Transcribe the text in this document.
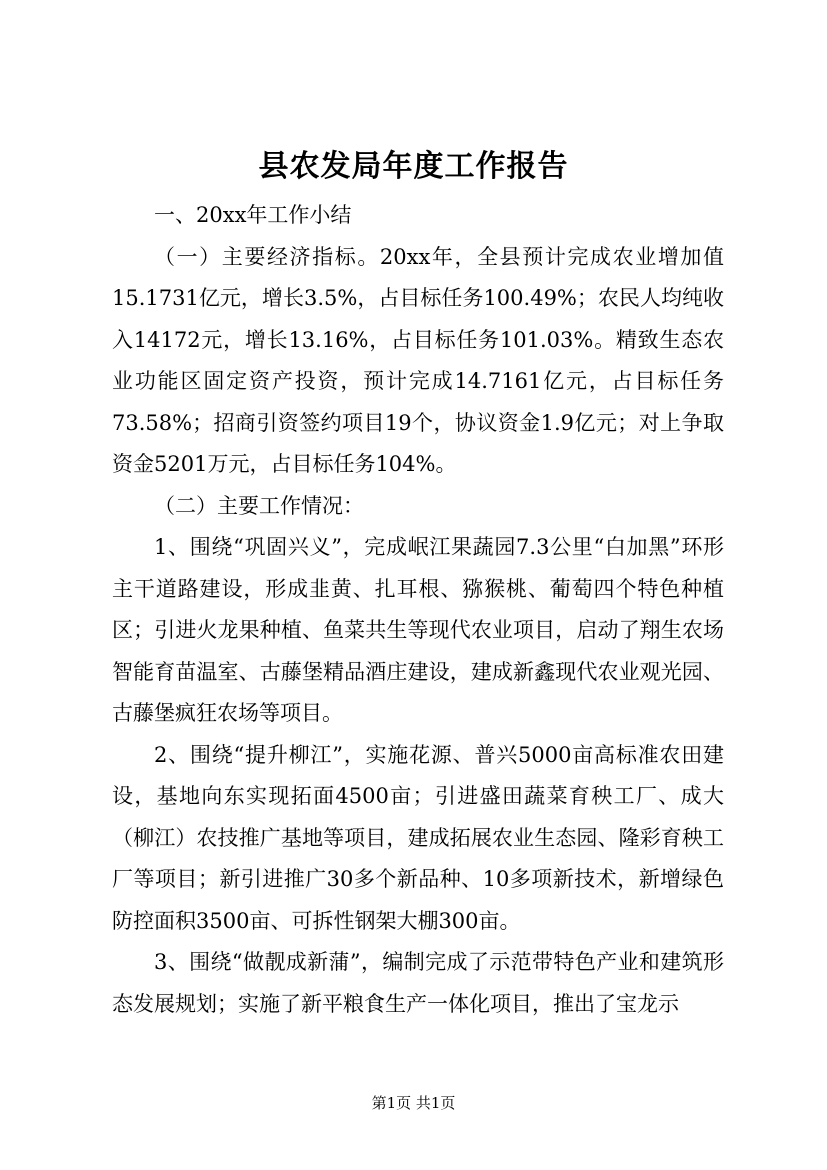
县农发局年度工作报告

一、20xx年工作小结

（一）主要经济指标。20xx年，全县预计完成农业增加值15.1731亿元，增长3.5%，占目标任务100.49%；农民人均纯收入14172元，增长13.16%，占目标任务101.03%。精致生态农业功能区固定资产投资，预计完成14.7161亿元，占目标任务73.58%；招商引资签约项目19个，协议资金1.9亿元；对上争取资金5201万元，占目标任务104%。

（二）主要工作情况：

1、围绕“巩固兴义”，完成岷江果蔬园7.3公里“白加黑”环形主干道路建设，形成韭黄、扎耳根、猕猴桃、葡萄四个特色种植区；引进火龙果种植、鱼菜共生等现代农业项目，启动了翔生农场智能育苗温室、古藤堡精品酒庄建设，建成新鑫现代农业观光园、古藤堡疯狂农场等项目。

2、围绕“提升柳江”，实施花源、普兴5000亩高标准农田建设，基地向东实现拓面4500亩；引进盛田蔬菜育秧工厂、成大（柳江）农技推广基地等项目，建成拓展农业生态园、隆彩育秧工厂等项目；新引进推广30多个新品种、10多项新技术，新增绿色防控面积3500亩、可拆性钢架大棚300亩。

3、围绕“做靓成新蒲”，编制完成了示范带特色产业和建筑形态发展规划；实施了新平粮食生产一体化项目，推出了宝龙示

第1页 共1页
